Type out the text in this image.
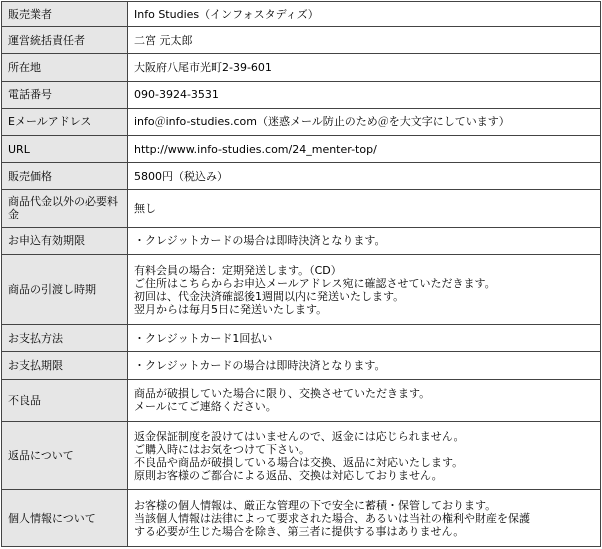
販売業者	Info Studies（インフォスタディズ）

運営統括責任者	二宮 元太郎

所在地	大阪府八尾市光町2-39-601

電話番号	090-3924-3531

Eメールアドレス	info＠info-studies.com（迷惑メール防止のため＠を大文字にしています）

URL	http://www.info-studies.com/24_menter-top/

販売価格	5800円（税込み）

商品代金以外の必要料金	無し

お申込有効期限	・クレジットカードの場合は即時決済となります。

商品の引渡し時期	有料会員の場合：定期発送します。（CD）
ご住所はこちらからお申込メールアドレス宛に確認させていただきます。
初回は、代金決済確認後1週間以内に発送いたします。
翌月からは毎月5日に発送いたします。

お支払方法	・クレジットカード1回払い

お支払期限	・クレジットカードの場合は即時決済となります。

不良品	商品が破損していた場合に限り、交換させていただきます。
メールにてご連絡ください。

返品について	返金保証制度を設けてはいませんので、返金には応じられません。
ご購入時にはお気をつけて下さい。
不良品や商品が破損している場合は交換、返品に対応いたします。
原則お客様のご都合による返品、交換は対応しておりません。

個人情報について	お客様の個人情報は、厳正な管理の下で安全に蓄積・保管しております。
当該個人情報は法律によって要求された場合、あるいは当社の権利や財産を保護
する必要が生じた場合を除き、第三者に提供する事はありません。
